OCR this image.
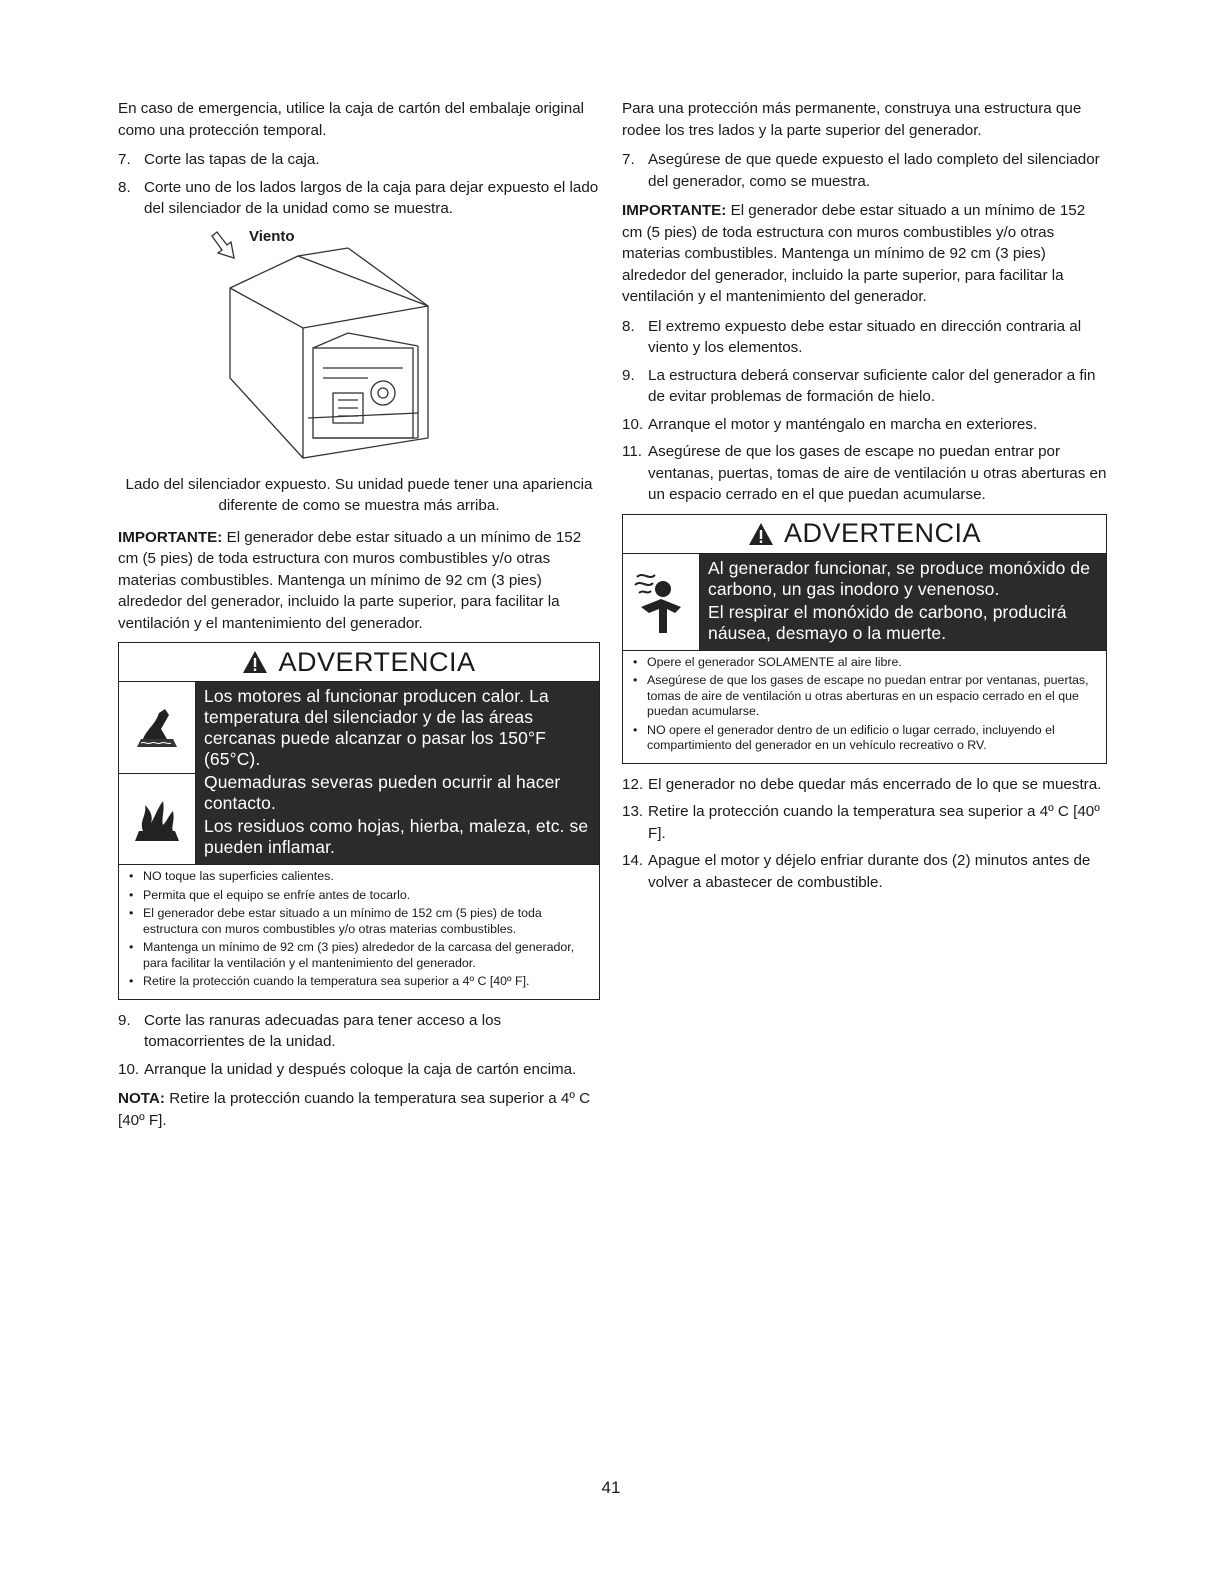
En caso de emergencia, utilice la caja de cartón del embalaje original como una protección temporal.

7. Corte las tapas de la caja.
8. Corte uno de los lados largos de la caja para dejar expuesto el lado del silenciador de la unidad como se muestra.
Viento

Lado del silenciador expuesto. Su unidad puede tener una apariencia diferente de como se muestra más arriba.

IMPORTANTE: El generador debe estar situado a un mínimo de 152 cm (5 pies) de toda estructura con muros combustibles y/o otras materias combustibles. Mantenga un mínimo de 92 cm (3 pies) alrededor del generador, incluido la parte superior, para facilitar la ventilación y el mantenimiento del generador.

ADVERTENCIA

Los motores al funcionar producen calor. La temperatura del silenciador y de las áreas cercanas puede alcanzar o pasar los 150°F (65°C).

Quemaduras severas pueden ocurrir al hacer contacto.

Los residuos como hojas, hierba, maleza, etc. se pueden inflamar.

• NO toque las superficies calientes.
• Permita que el equipo se enfríe antes de tocarlo.
• El generador debe estar situado a un mínimo de 152 cm (5 pies) de toda estructura con muros combustibles y/o otras materias combustibles.
• Mantenga un mínimo de 92 cm (3 pies) alrededor de la carcasa del generador, para facilitar la ventilación y el mantenimiento del generador.
• Retire la protección cuando la temperatura sea superior a 4º C [40º F].
9. Corte las ranuras adecuadas para tener acceso a los tomacorrientes de la unidad.
10. Arranque la unidad y después coloque la caja de cartón encima.

NOTA: Retire la protección cuando la temperatura sea superior a 4º C [40º F].

Para una protección más permanente, construya una estructura que rodee los tres lados y la parte superior del generador.

7. Asegúrese de que quede expuesto el lado completo del silenciador del generador, como se muestra.

IMPORTANTE: El generador debe estar situado a un mínimo de 152 cm (5 pies) de toda estructura con muros combustibles y/o otras materias combustibles. Mantenga un mínimo de 92 cm (3 pies) alrededor del generador, incluido la parte superior, para facilitar la ventilación y el mantenimiento del generador.

8. El extremo expuesto debe estar situado en dirección contraria al viento y los elementos.
9. La estructura deberá conservar suficiente calor del generador a fin de evitar problemas de formación de hielo.
10. Arranque el motor y manténgalo en marcha en exteriores.
11. Asegúrese de que los gases de escape no puedan entrar por ventanas, puertas, tomas de aire de ventilación u otras aberturas en un espacio cerrado en el que puedan acumularse.
ADVERTENCIA

Al generador funcionar, se produce monóxido de carbono, un gas inodoro y venenoso.

El respirar el monóxido de carbono, producirá náusea, desmayo o la muerte.

• Opere el generador SOLAMENTE al aire libre.
• Asegúrese de que los gases de escape no puedan entrar por ventanas, puertas, tomas de aire de ventilación u otras aberturas en un espacio cerrado en el que puedan acumularse.
• NO opere el generador dentro de un edificio o lugar cerrado, incluyendo el compartimiento del generador en un vehículo recreativo o RV.
12. El generador no debe quedar más encerrado de lo que se muestra.
13. Retire la protección cuando la temperatura sea superior a 4º C [40º F].
14. Apague el motor y déjelo enfriar durante dos (2) minutos antes de volver a abastecer de combustible.
41
